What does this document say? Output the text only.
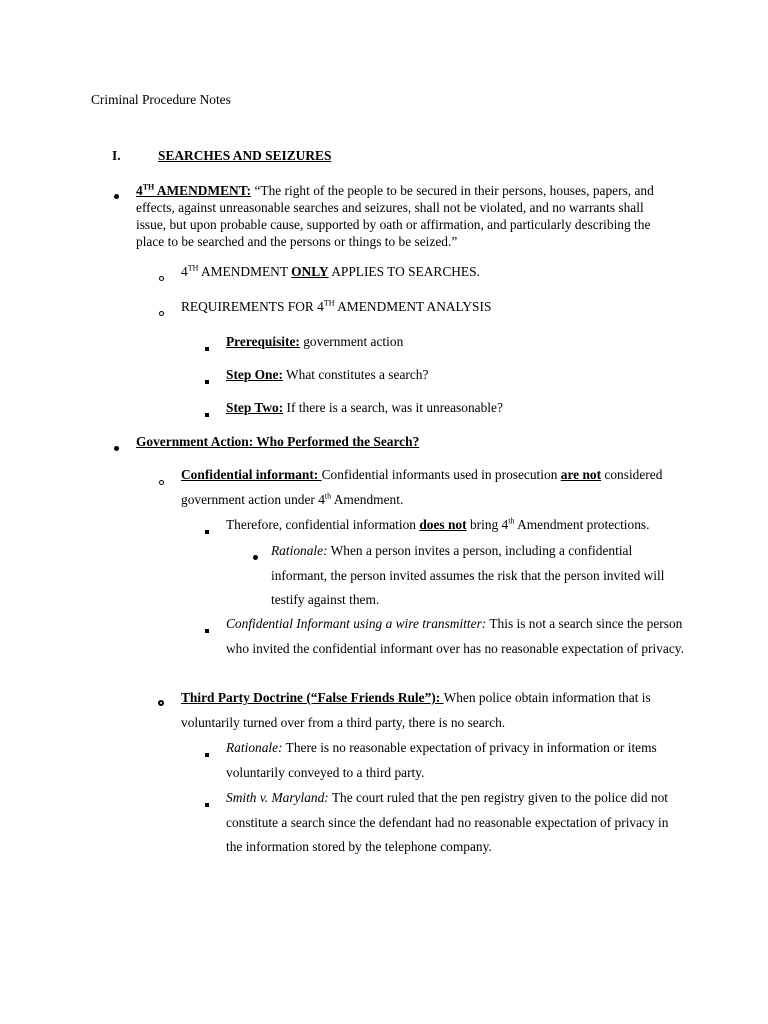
Criminal Procedure Notes
I.	SEARCHES AND SEIZURES
4TH AMENDMENT: “The right of the people to be secured in their persons, houses, papers, and effects, against unreasonable searches and seizures, shall not be violated, and no warrants shall issue, but upon probable cause, supported by oath or affirmation, and particularly describing the place to be searched and the persons or things to be seized.”
4TH AMENDMENT ONLY APPLIES TO SEARCHES.
REQUIREMENTS FOR 4TH AMENDMENT ANALYSIS
Prerequisite: government action
Step One: What constitutes a search?
Step Two: If there is a search, was it unreasonable?
Government Action: Who Performed the Search?
Confidential informant: Confidential informants used in prosecution are not considered government action under 4th Amendment.
Therefore, confidential information does not bring 4th Amendment protections.
Rationale: When a person invites a person, including a confidential informant, the person invited assumes the risk that the person invited will testify against them.
Confidential Informant using a wire transmitter: This is not a search since the person who invited the confidential informant over has no reasonable expectation of privacy.
Third Party Doctrine (“False Friends Rule”): When police obtain information that is voluntarily turned over from a third party, there is no search.
Rationale: There is no reasonable expectation of privacy in information or items voluntarily conveyed to a third party.
Smith v. Maryland: The court ruled that the pen registry given to the police did not constitute a search since the defendant had no reasonable expectation of privacy in the information stored by the telephone company.
